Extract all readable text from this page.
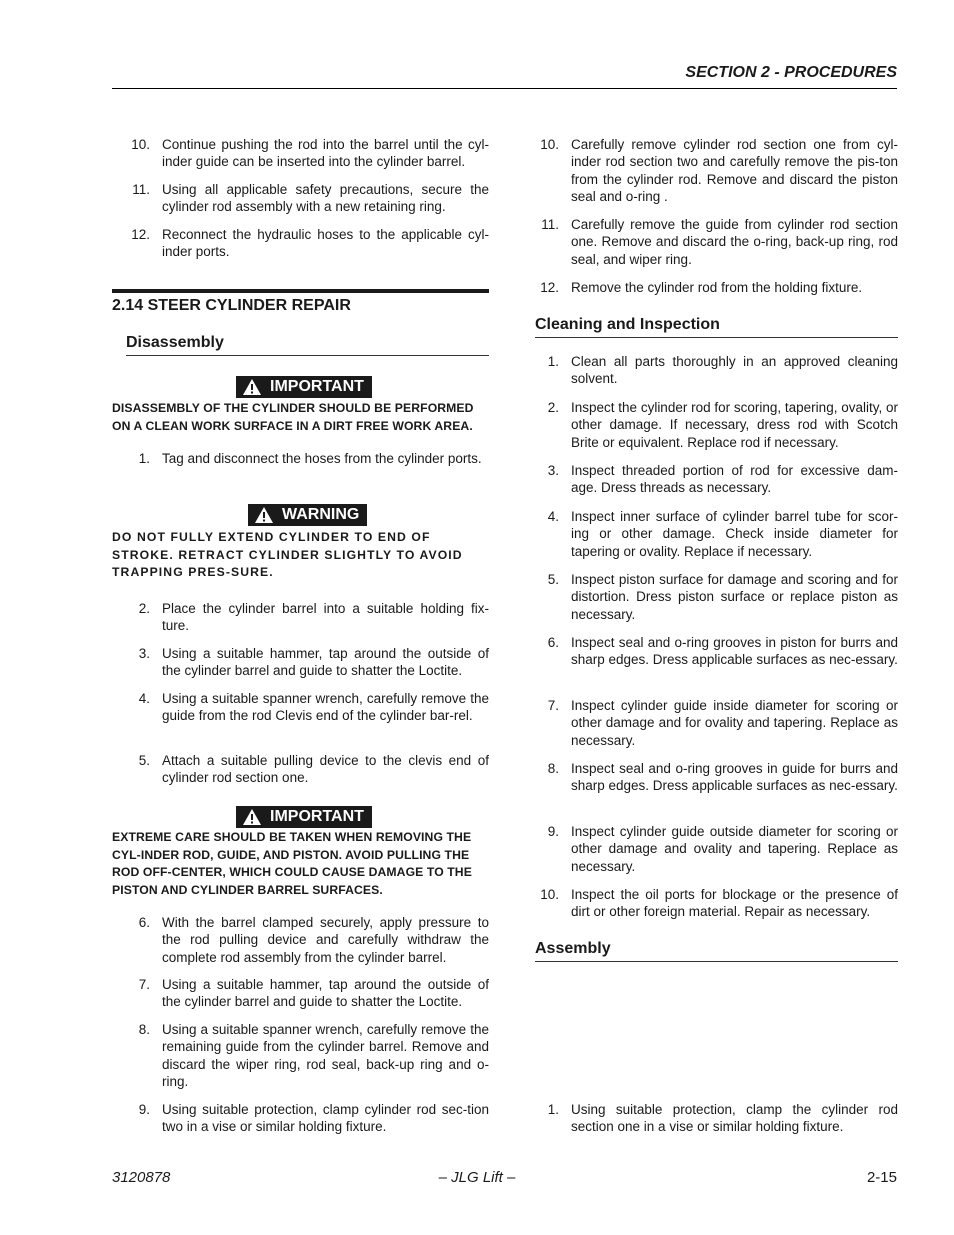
SECTION 2 - PROCEDURES
10. Continue pushing the rod into the barrel until the cyl-inder guide can be inserted into the cylinder barrel.
11. Using all applicable safety precautions, secure the cylinder rod assembly with a new retaining ring.
12. Reconnect the hydraulic hoses to the applicable cyl-inder ports.
2.14 STEER CYLINDER REPAIR
Disassembly
IMPORTANT
DISASSEMBLY OF THE CYLINDER SHOULD BE PERFORMED ON A CLEAN WORK SURFACE IN A DIRT FREE WORK AREA.
1. Tag and disconnect the hoses from the cylinder ports.
WARNING
DO NOT FULLY EXTEND CYLINDER TO END OF STROKE. RETRACT CYLINDER SLIGHTLY TO AVOID TRAPPING PRES-SURE.
2. Place the cylinder barrel into a suitable holding fix-ture.
3. Using a suitable hammer, tap around the outside of the cylinder barrel and guide to shatter the Loctite.
4. Using a suitable spanner wrench, carefully remove the guide from the rod Clevis end of the cylinder bar-rel.
5. Attach a suitable pulling device to the clevis end of cylinder rod section one.
IMPORTANT
EXTREME CARE SHOULD BE TAKEN WHEN REMOVING THE CYL-INDER ROD, GUIDE, AND PISTON. AVOID PULLING THE ROD OFF-CENTER, WHICH COULD CAUSE DAMAGE TO THE PISTON AND CYLINDER BARREL SURFACES.
6. With the barrel clamped securely, apply pressure to the rod pulling device and carefully withdraw the complete rod assembly from the cylinder barrel.
7. Using a suitable hammer, tap around the outside of the cylinder barrel and guide to shatter the Loctite.
8. Using a suitable spanner wrench, carefully remove the remaining guide from the cylinder barrel. Remove and discard the wiper ring, rod seal, back-up ring and o-ring.
9. Using suitable protection, clamp cylinder rod sec-tion two in a vise or similar holding fixture.
10. Carefully remove cylinder rod section one from cyl-inder rod section two and carefully remove the pis-ton from the cylinder rod. Remove and discard the piston seal and o-ring .
11. Carefully remove the guide from cylinder rod section one. Remove and discard the o-ring, back-up ring, rod seal, and wiper ring.
12. Remove the cylinder rod from the holding fixture.
Cleaning and Inspection
1. Clean all parts thoroughly in an approved cleaning solvent.
2. Inspect the cylinder rod for scoring, tapering, ovality, or other damage. If necessary, dress rod with Scotch Brite or equivalent. Replace rod if necessary.
3. Inspect threaded portion of rod for excessive dam-age. Dress threads as necessary.
4. Inspect inner surface of cylinder barrel tube for scor-ing or other damage. Check inside diameter for tapering or ovality. Replace if necessary.
5. Inspect piston surface for damage and scoring and for distortion. Dress piston surface or replace piston as necessary.
6. Inspect seal and o-ring grooves in piston for burrs and sharp edges. Dress applicable surfaces as nec-essary.
7. Inspect cylinder guide inside diameter for scoring or other damage and for ovality and tapering. Replace as necessary.
8. Inspect seal and o-ring grooves in guide for burrs and sharp edges. Dress applicable surfaces as nec-essary.
9. Inspect cylinder guide outside diameter for scoring or other damage and ovality and tapering. Replace as necessary.
10. Inspect the oil ports for blockage or the presence of dirt or other foreign material. Repair as necessary.
Assembly
1. Using suitable protection, clamp the cylinder rod section one in a vise or similar holding fixture.
3120878	– JLG Lift –	2-15
